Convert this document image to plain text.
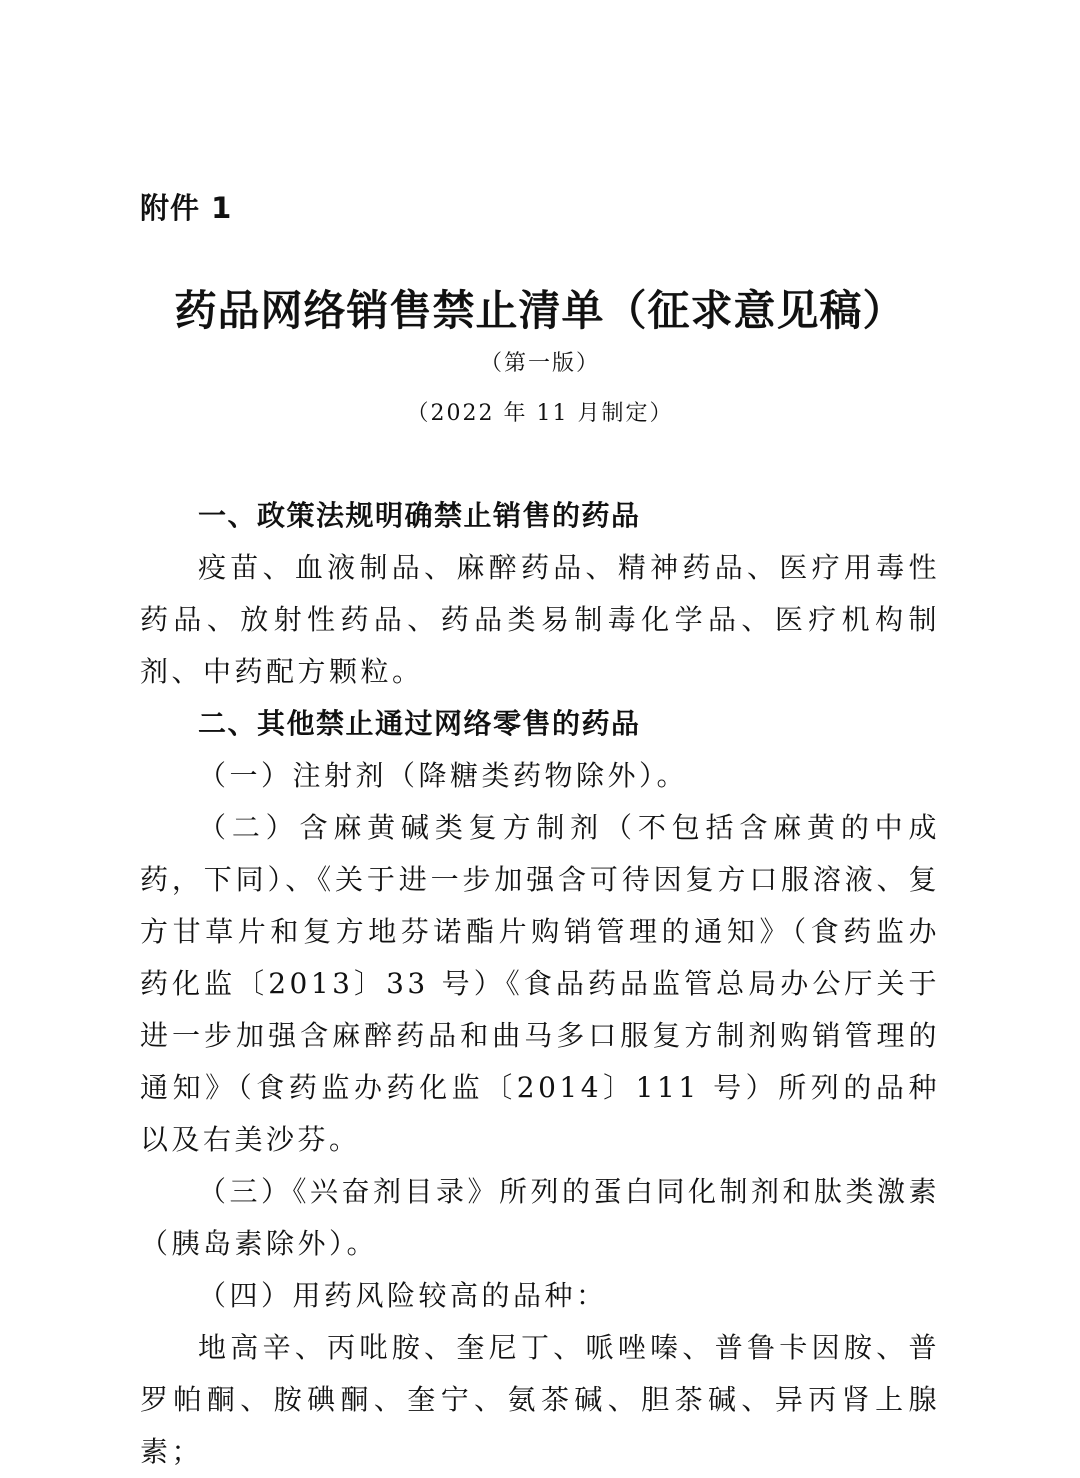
附件 1
药品网络销售禁止清单（征求意见稿）
（第一版）
（2022 年 11 月制定）

一、政策法规明确禁止销售的药品

疫苗、血液制品、麻醉药品、精神药品、医疗用毒性药品、放射性药品、药品类易制毒化学品、医疗机构制剂、中药配方颗粒。

二、其他禁止通过网络零售的药品

（一）注射剂（降糖类药物除外）。

（二）含麻黄碱类复方制剂（不包括含麻黄的中成药，下同）、《关于进一步加强含可待因复方口服溶液、复方甘草片和复方地芬诺酯片购销管理的通知》（食药监办药化监〔2013〕33 号）《食品药品监管总局办公厅关于进一步加强含麻醉药品和曲马多口服复方制剂购销管理的通知》（食药监办药化监〔2014〕111 号）所列的品种以及右美沙芬。

（三）《兴奋剂目录》所列的蛋白同化制剂和肽类激素（胰岛素除外）。

（四）用药风险较高的品种：

地高辛、丙吡胺、奎尼丁、哌唑嗪、普鲁卡因胺、普罗帕酮、胺碘酮、奎宁、氨茶碱、胆茶碱、异丙肾上腺素；
